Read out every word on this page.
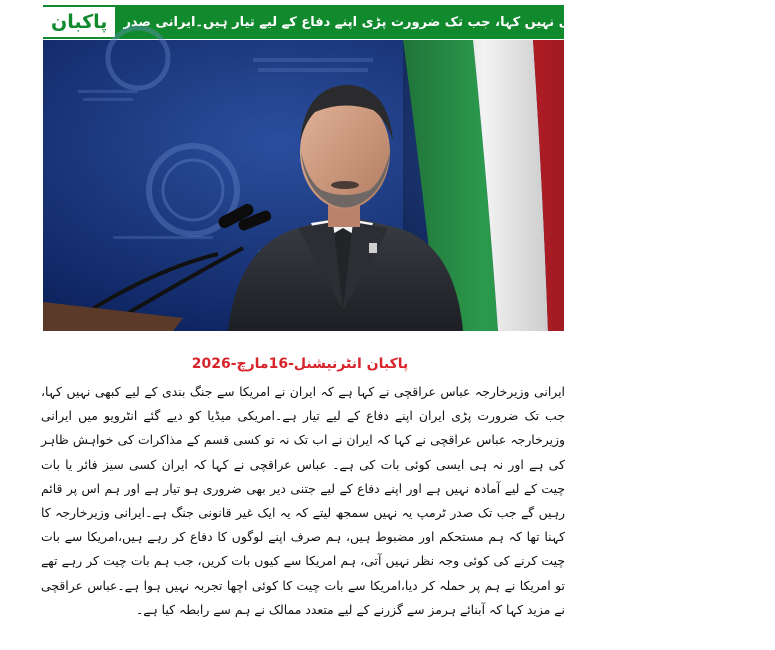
پاکبان	امریکا سے جنگ بندی کے لیے کبھی نہیں کہا، جب تک ضرورت پڑی اپنے دفاع کے لیے تیار ہیں۔ایرانی صدر
پاکبان انٹرنیشنل-16مارچ-2026
ایرانی وزیرخارجہ عباس عراقچی نے کہا ہے کہ ایران نے امریکا سے جنگ بندی کے لیے کبھی نہیں کہا، جب تک ضرورت پڑی ایران اپنے دفاع کے لیے تیار ہے۔امریکی میڈیا کو دیے گئے انٹرویو میں ایرانی وزیرخارجہ عباس عراقچی نے کہا کہ ایران نے اب تک نہ تو کسی قسم کے مذاکرات کی خواہش ظاہر کی ہے اور نہ ہی ایسی کوئی بات کی ہے۔ عباس عراقچی نے کہا کہ ایران کسی سیز فائر یا بات چیت کے لیے آمادہ نہیں ہے اور اپنے دفاع کے لیے جتنی دیر بھی ضروری ہو تیار ہے اور ہم اس پر قائم رہیں گے جب تک صدر ٹرمپ یہ نہیں سمجھ لیتے کہ یہ ایک غیر قانونی جنگ ہے۔ایرانی وزیرخارجہ کا کہنا تھا کہ ہم مستحکم اور مضبوط ہیں، ہم صرف اپنے لوگوں کا دفاع کر رہے ہیں،امریکا سے بات چیت کرنے کی کوئی وجہ نظر نہیں آتی، ہم امریکا سے کیوں بات کریں، جب ہم بات چیت کر رہے تھے تو امریکا نے ہم پر حملہ کر دیا،امریکا سے بات چیت کا کوئی اچھا تجربہ نہیں ہوا ہے۔عباس عراقچی نے مزید کہا کہ آبنائے ہرمز سے گزرنے کے لیے متعدد ممالک نے ہم سے رابطہ کیا ہے۔
